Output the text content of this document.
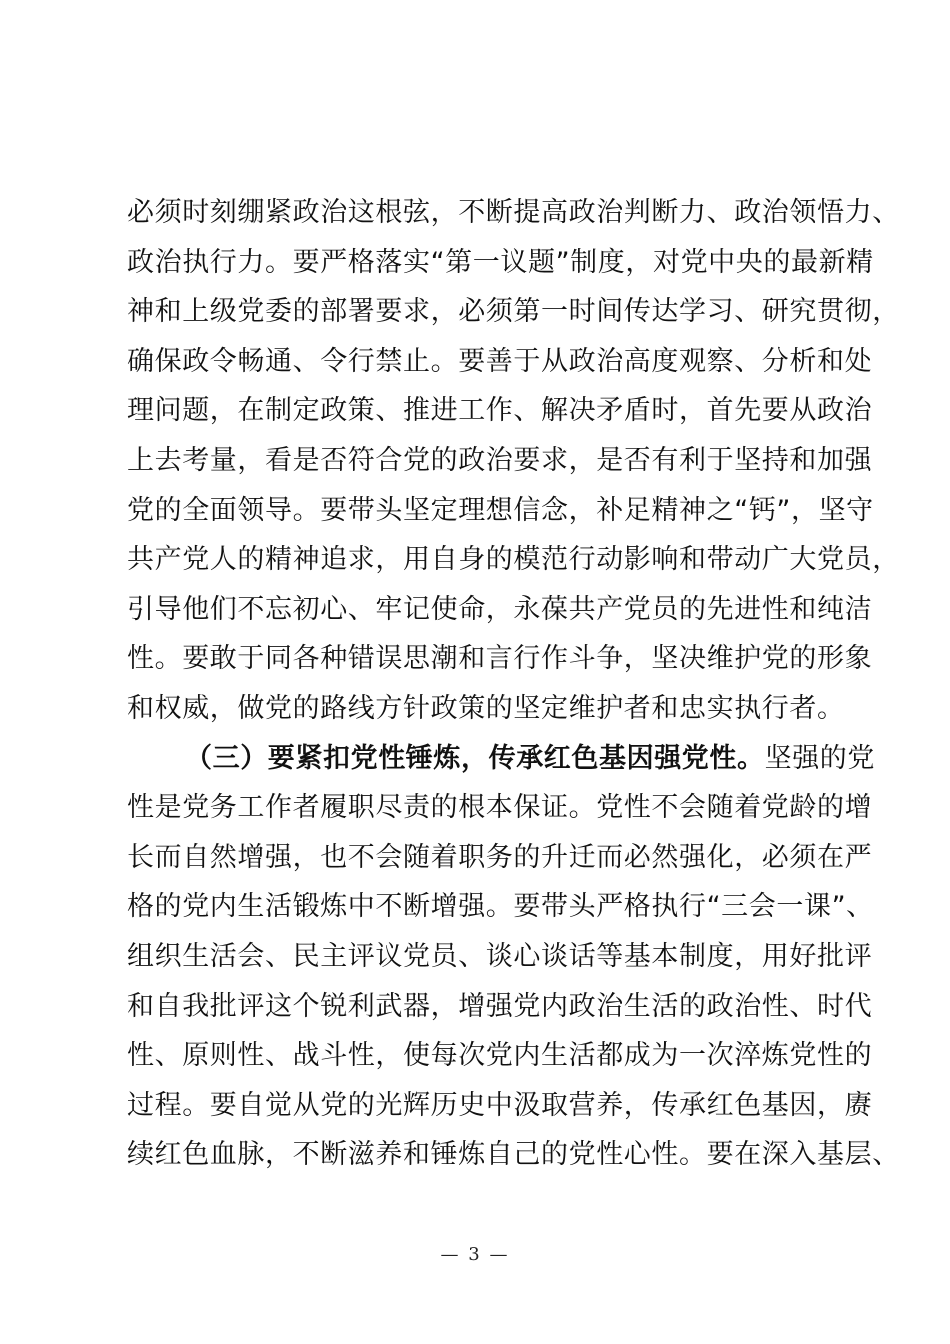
必须时刻绷紧政治这根弦，不断提高政治判断力、政治领悟力、
政治执行力。要严格落实“第一议题”制度，对党中央的最新精
神和上级党委的部署要求，必须第一时间传达学习、研究贯彻，
确保政令畅通、令行禁止。要善于从政治高度观察、分析和处
理问题，在制定政策、推进工作、解决矛盾时，首先要从政治
上去考量，看是否符合党的政治要求，是否有利于坚持和加强
党的全面领导。要带头坚定理想信念，补足精神之“钙”，坚守
共产党人的精神追求，用自身的模范行动影响和带动广大党员，
引导他们不忘初心、牢记使命，永葆共产党员的先进性和纯洁
性。要敢于同各种错误思潮和言行作斗争，坚决维护党的形象
和权威，做党的路线方针政策的坚定维护者和忠实执行者。
（三）要紧扣党性锤炼，传承红色基因强党性。坚强的党
性是党务工作者履职尽责的根本保证。党性不会随着党龄的增
长而自然增强，也不会随着职务的升迁而必然强化，必须在严
格的党内生活锻炼中不断增强。要带头严格执行“三会一课”、
组织生活会、民主评议党员、谈心谈话等基本制度，用好批评
和自我批评这个锐利武器，增强党内政治生活的政治性、时代
性、原则性、战斗性，使每次党内生活都成为一次淬炼党性的
过程。要自觉从党的光辉历史中汲取营养，传承红色基因，赓
续红色血脉，不断滋养和锤炼自己的党性心性。要在深入基层、
— 3 —
